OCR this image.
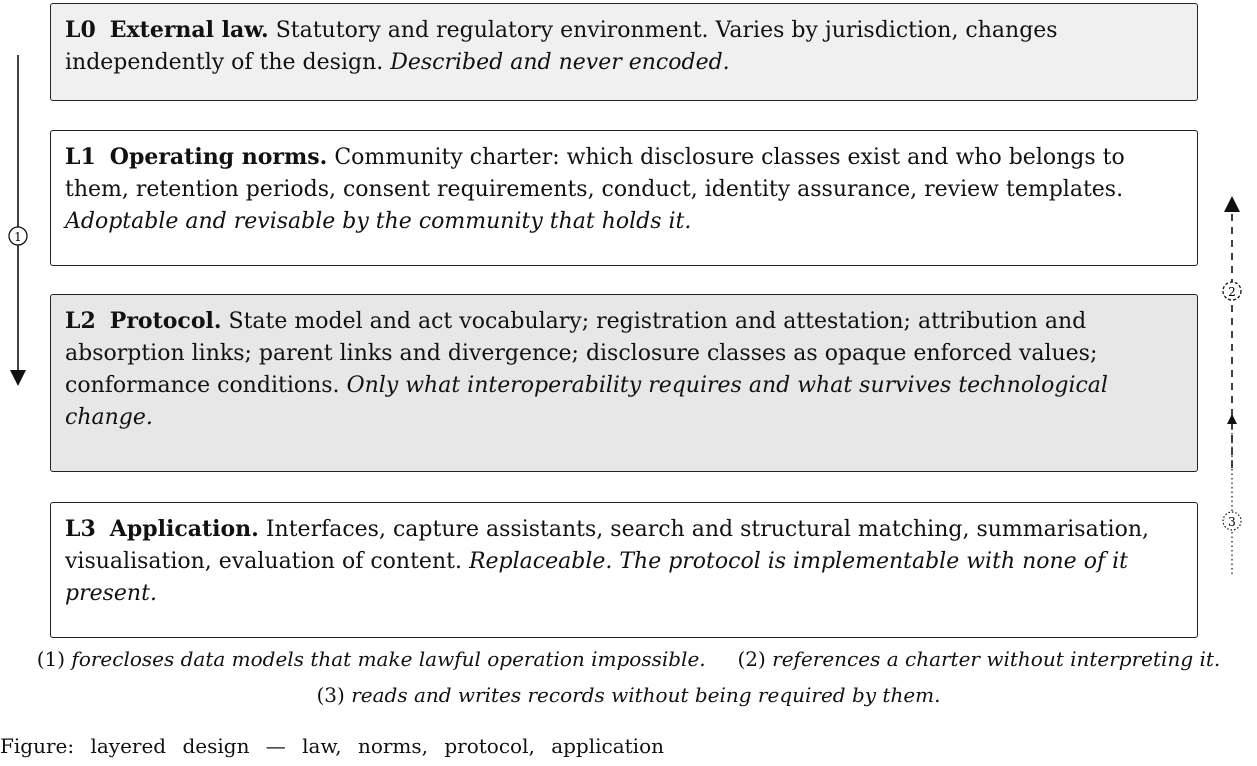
L0 External law. Statutory and regulatory environment. Varies by jurisdiction, changes independently of the design. Described and never encoded.
L1 Operating norms. Community charter: which disclosure classes exist and who belongs to them, retention periods, consent requirements, conduct, identity assurance, review templates. Adoptable and revisable by the community that holds it.
L2 Protocol. State model and act vocabulary; registration and attestation; attribution and absorption links; parent links and divergence; disclosure classes as opaque enforced values; conformance conditions. Only what interoperability requires and what survives technological change.
L3 Application. Interfaces, capture assistants, search and structural matching, summarisation, visualisation, evaluation of content. Replaceable. The protocol is implementable with none of it present.
1
2
3
(1) forecloses data models that make lawful operation impossible. (2) references a charter without interpreting it.
(3) reads and writes records without being required by them.
Figure: layered design — law, norms, protocol, application
